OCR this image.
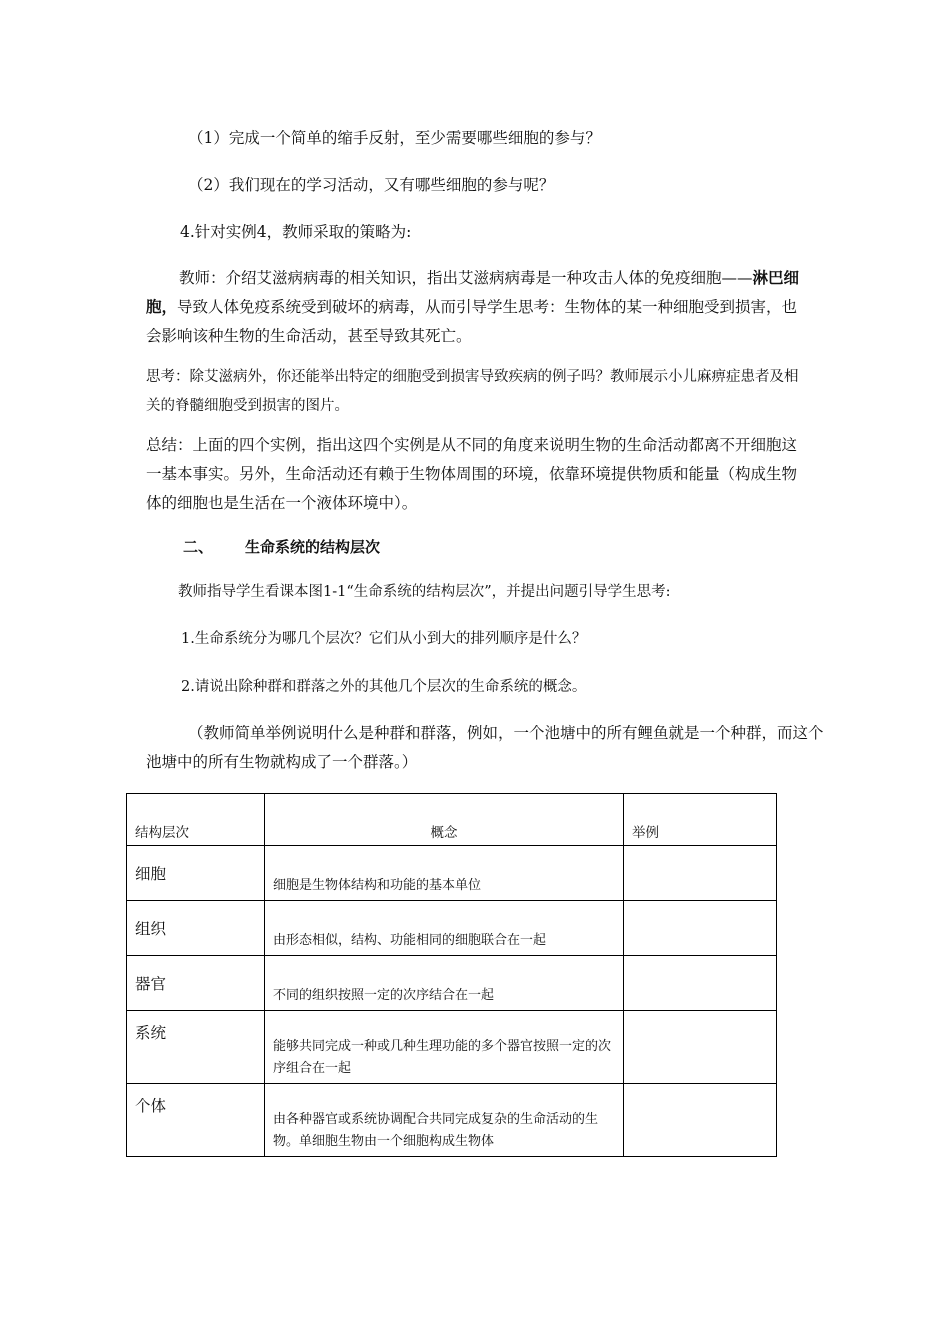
（1）完成一个简单的缩手反射，至少需要哪些细胞的参与？
（2）我们现在的学习活动，又有哪些细胞的参与呢？
4.针对实例4，教师采取的策略为:
教师：介绍艾滋病病毒的相关知识，指出艾滋病病毒是一种攻击人体的免疫细胞——淋巴细胞，导致人体免疫系统受到破坏的病毒，从而引导学生思考：生物体的某一种细胞受到损害，也会影响该种生物的生命活动，甚至导致其死亡。
思考：除艾滋病外，你还能举出特定的细胞受到损害导致疾病的例子吗？教师展示小儿麻痹症患者及相关的脊髓细胞受到损害的图片。
总结：上面的四个实例，指出这四个实例是从不同的角度来说明生物的生命活动都离不开细胞这一基本事实。另外，生命活动还有赖于生物体周围的环境，依靠环境提供物质和能量（构成生物体的细胞也是生活在一个液体环境中）。
二、 生命系统的结构层次
教师指导学生看课本图1-1“生命系统的结构层次”，并提出问题引导学生思考:
1.生命系统分为哪几个层次？它们从小到大的排列顺序是什么？
2.请说出除种群和群落之外的其他几个层次的生命系统的概念。
（教师简单举例说明什么是种群和群落，例如，一个池塘中的所有鲤鱼就是一个种群，而这个池塘中的所有生物就构成了一个群落。）
结构层次	概念	举例
细胞	细胞是生物体结构和功能的基本单位	
组织	由形态相似，结构、功能相同的细胞联合在一起	
器官	不同的组织按照一定的次序结合在一起	
系统	能够共同完成一种或几种生理功能的多个器官按照一定的次序组合在一起	
个体	由各种器官或系统协调配合共同完成复杂的生命活动的生物。单细胞生物由一个细胞构成生物体	
